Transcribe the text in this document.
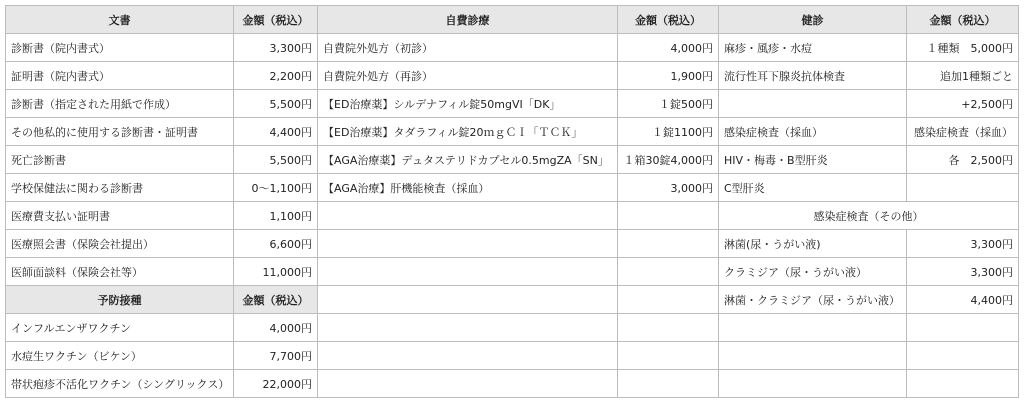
文書	金額（税込）	自費診療	金額（税込）	健診	金額（税込）
診断書（院内書式）	3,300円	自費院外処方（初診）	4,000円	麻疹・風疹・水痘	１種類　5,000円
証明書（院内書式）	2,200円	自費院外処方（再診）	1,900円	流行性耳下腺炎抗体検査	追加1種類ごと
診断書（指定された用紙で作成）	5,500円	【ED治療薬】シルデナフィル錠50mgVI「DK」	１錠500円		+2,500円
その他私的に使用する診断書・証明書	4,400円	【ED治療薬】タダラフィル錠20ｍｇＣＩ「ＴＣＫ」	１錠1100円	感染症検査（採血）	感染症検査（採血）
死亡診断書	5,500円	【AGA治療薬】デュタステリドカプセル0.5mgZA「SN」	１箱30錠4,000円	HIV・梅毒・B型肝炎	各　2,500円
学校保健法に関わる診断書	0〜1,100円	【AGA治療】肝機能検査（採血）	3,000円	C型肝炎	
医療費支払い証明書	1,100円			感染症検査（その他）	
医療照会書（保険会社提出）	6,600円			淋菌(尿・うがい液)	3,300円
医師面談料（保険会社等）	11,000円			クラミジア（尿・うがい液）	3,300円
予防接種	金額（税込）			淋菌・クラミジア（尿・うがい液）	4,400円
インフルエンザワクチン	4,000円				
水痘生ワクチン（ビケン）	7,700円				
帯状疱疹不活化ワクチン（シングリックス）	22,000円				
